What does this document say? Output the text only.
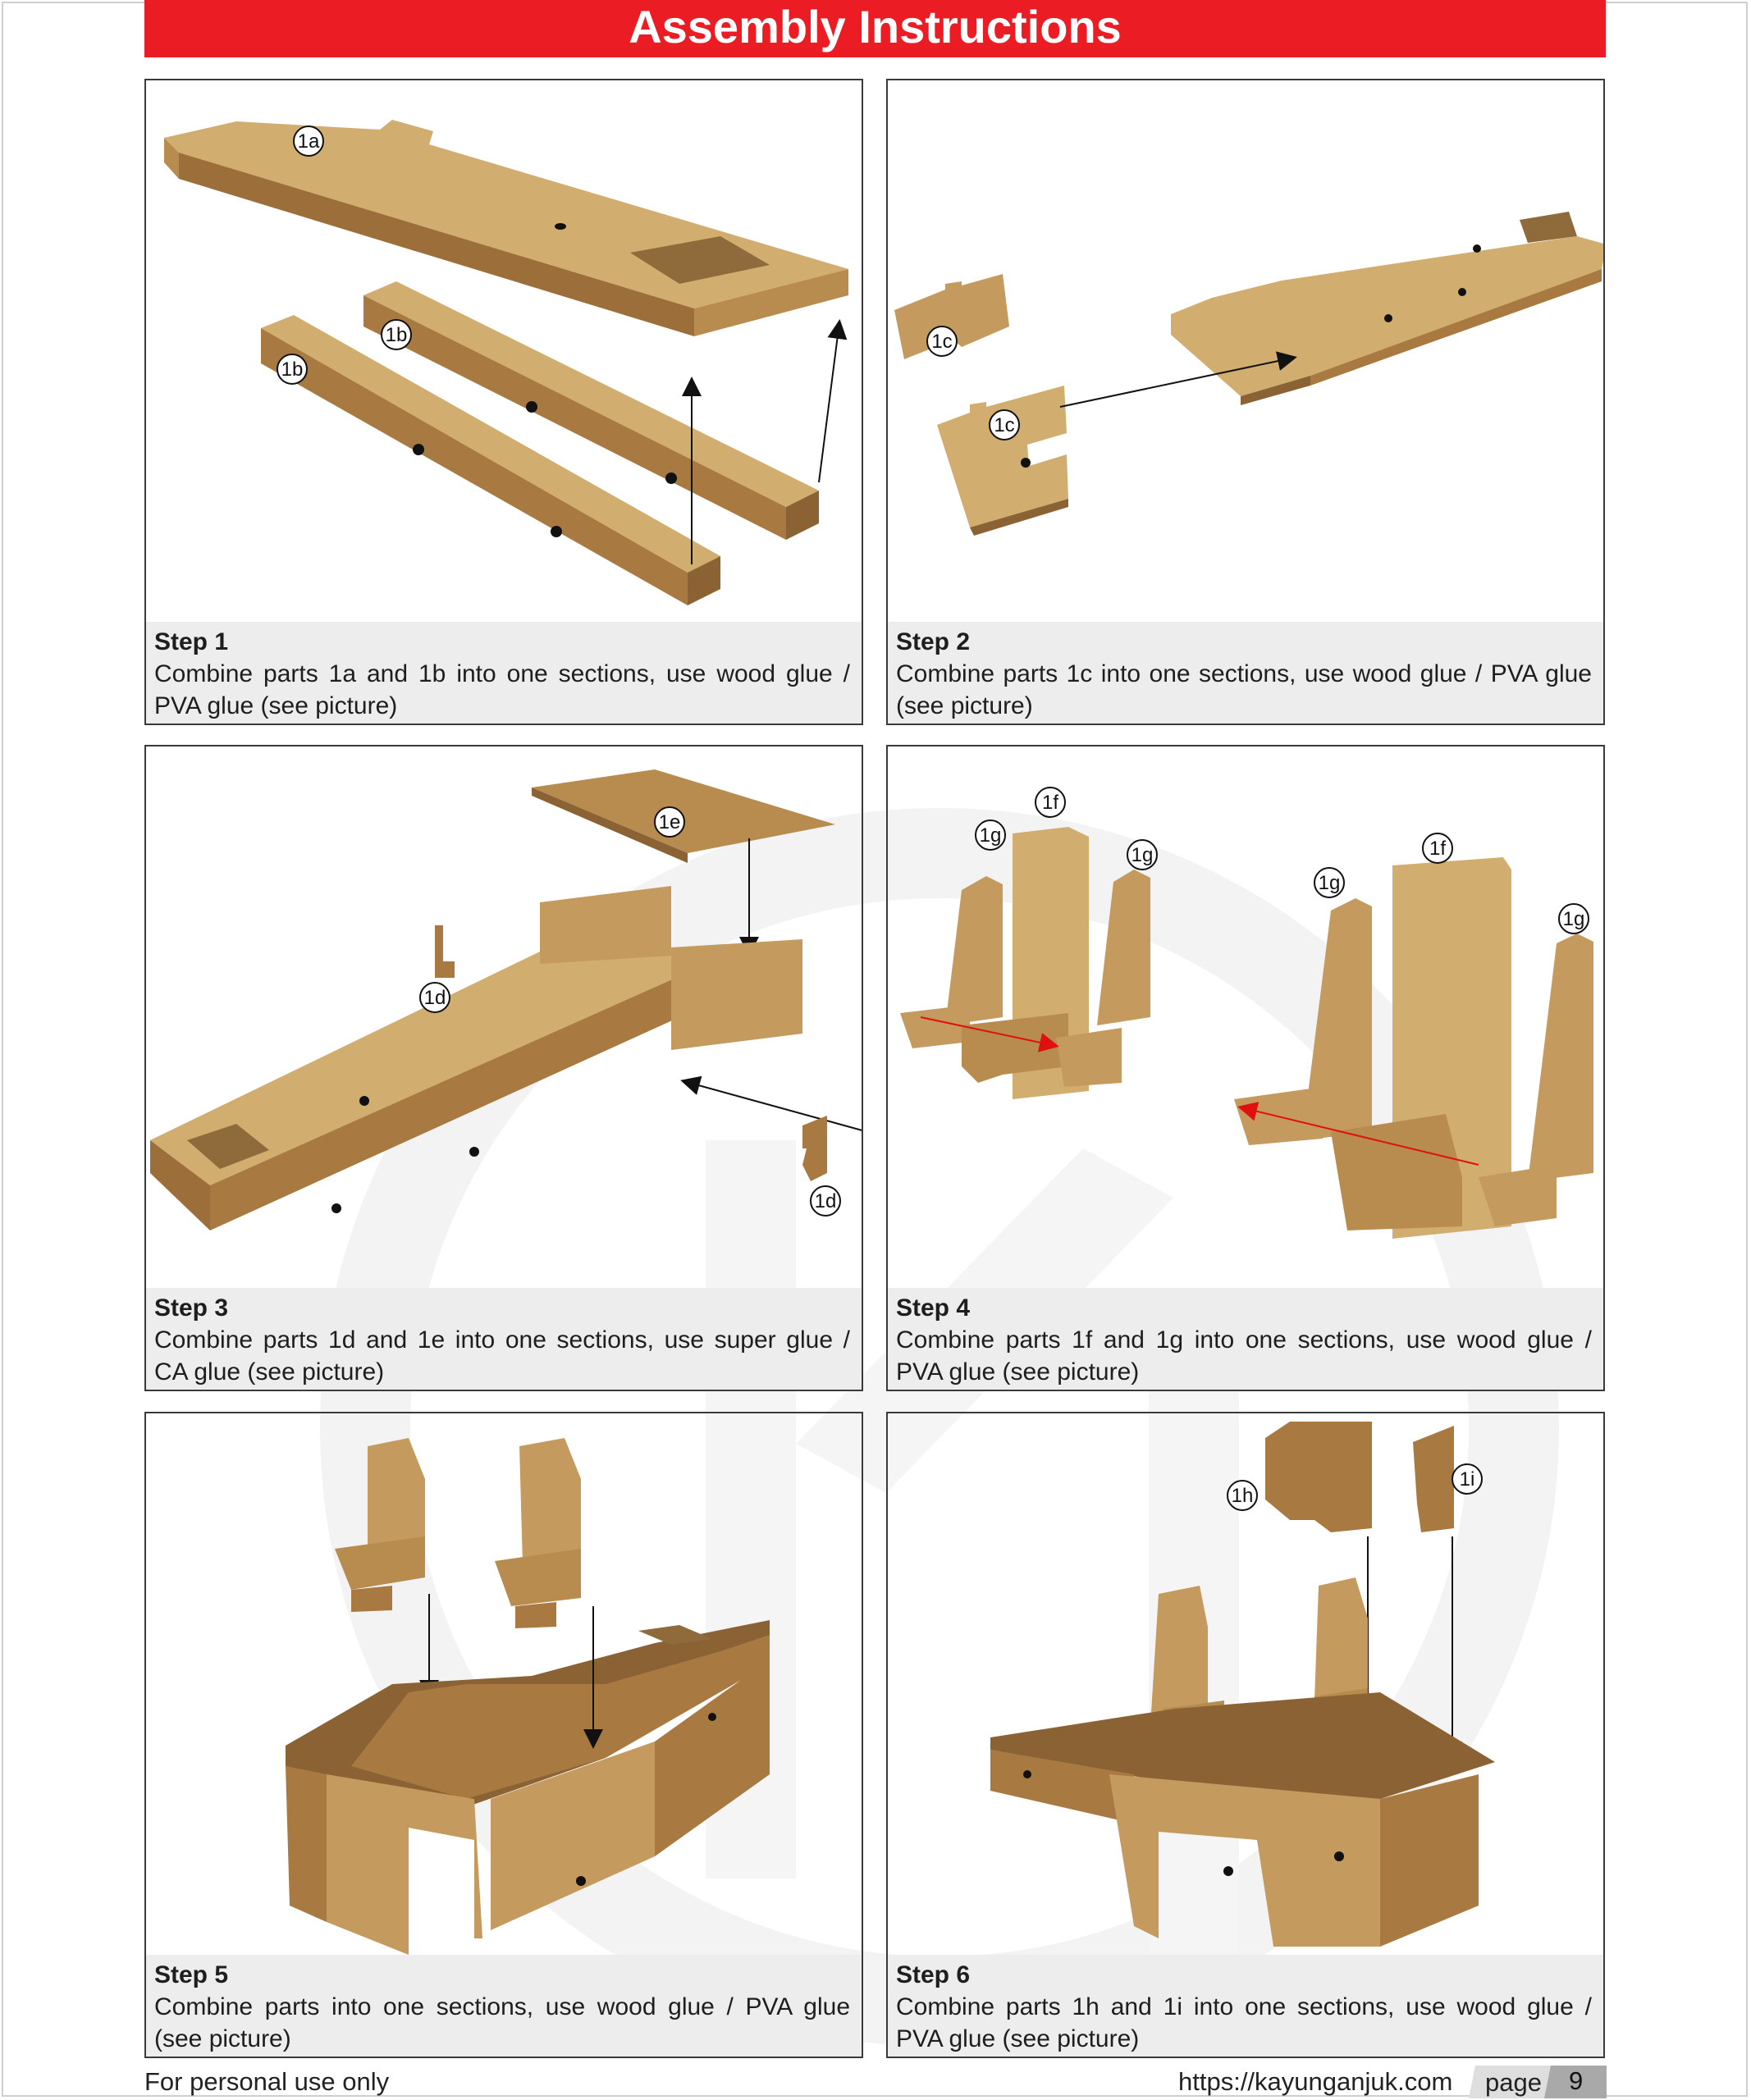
Assembly Instructions
1a
1b
1b
Step 1
Combine parts 1a and 1b into one sections, use wood glue / PVA glue (see picture)
1c
1c
Step 2
Combine parts 1c into one sections, use wood glue / PVA glue (see picture)
1e
1d
1d
Step 3
Combine parts 1d and 1e into one sections, use super glue / CA glue (see picture)
1f
1g
1g	1f
1g
1g
Step 4
Combine parts 1f and 1g into one sections, use wood glue / PVA glue (see picture)
Step 5
Combine parts into one sections, use wood glue / PVA glue (see picture)
1h
1i
Step 6
Combine parts 1h and 1i into one sections, use wood glue / PVA glue (see picture)
For personal use only	https://kayunganjuk.com page 9
